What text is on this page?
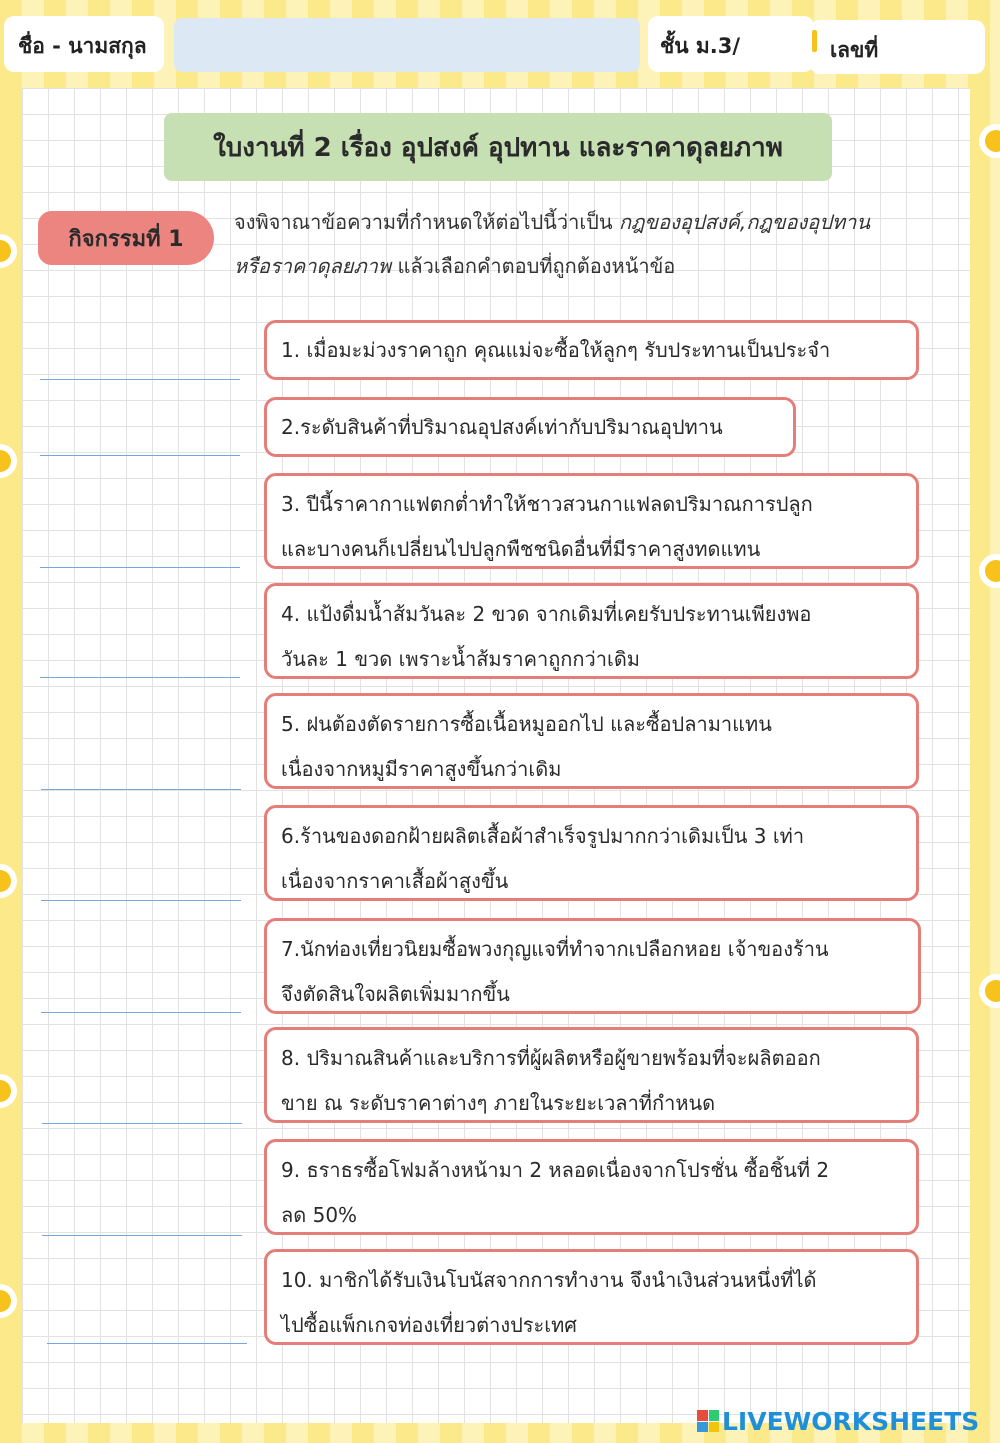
ชื่อ - นามสกุล	ชั้น ม.3/	เลขที่
ใบงานที่ 2 เรื่อง อุปสงค์ อุปทาน และราคาดุลยภาพ
กิจกรรมที่ 1
จงพิจาณาข้อความที่กำหนดให้ต่อไปนี้ว่าเป็น กฎของอุปสงค์,กฎของอุปทาน
หรือราคาดุลยภาพ แล้วเลือกคำตอบที่ถูกต้องหน้าข้อ
1. เมื่อมะม่วงราคาถูก คุณแม่จะซื้อให้ลูกๆ รับประทานเป็นประจำ
2.ระดับสินค้าที่ปริมาณอุปสงค์เท่ากับปริมาณอุปทาน
3. ปีนี้ราคากาแฟตกต่ำทำให้ชาวสวนกาแฟลดปริมาณการปลูก
และบางคนก็เปลี่ยนไปปลูกพืชชนิดอื่นที่มีราคาสูงทดแทน
4. แป้งดื่มน้ำส้มวันละ 2 ขวด จากเดิมที่เคยรับประทานเพียงพอ
วันละ 1 ขวด เพราะน้ำส้มราคาถูกกว่าเดิม
5. ฝนต้องตัดรายการซื้อเนื้อหมูออกไป และซื้อปลามาแทน
เนื่องจากหมูมีราคาสูงขึ้นกว่าเดิม
6.ร้านของดอกฝ้ายผลิตเสื้อผ้าสำเร็จรูปมากกว่าเดิมเป็น 3 เท่า
เนื่องจากราคาเสื้อผ้าสูงขึ้น
7.นักท่องเที่ยวนิยมซื้อพวงกุญแจที่ทำจากเปลือกหอย เจ้าของร้าน
จึงตัดสินใจผลิตเพิ่มมากขึ้น
8. ปริมาณสินค้าและบริการที่ผู้ผลิตหรือผู้ขายพร้อมที่จะผลิตออก
ขาย ณ ระดับราคาต่างๆ ภายในระยะเวลาที่กำหนด
9. ธราธรซื้อโฟมล้างหน้ามา 2 หลอดเนื่องจากโปรชั่น ซื้อชิ้นที่ 2
ลด 50%
10. มาชิกได้รับเงินโบนัสจากการทำงาน จึงนำเงินส่วนหนึ่งที่ได้
ไปซื้อแพ็กเกจท่องเที่ยวต่างประเทศ
LIVEWORKSHEETS
